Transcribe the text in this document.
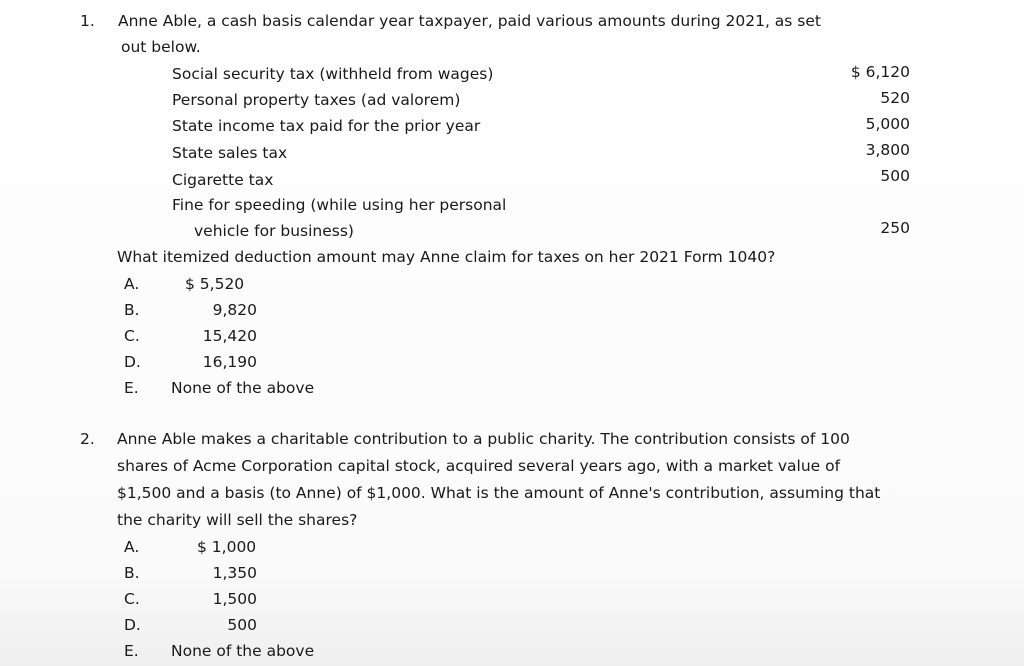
1. Anne Able, a cash basis calendar year taxpayer, paid various amounts during 2021, as set
out below.
Social security tax (withheld from wages)	$ 6,120
Personal property taxes (ad valorem)	520
State income tax paid for the prior year	5,000
State sales tax	3,800
Cigarette tax	500
Fine for speeding (while using her personal
vehicle for business)	250
What itemized deduction amount may Anne claim for taxes on her 2021 Form 1040?
A.	$ 5,520
B.	9,820
C.	15,420
D.	16,190
E. None of the above
2. Anne Able makes a charitable contribution to a public charity. The contribution consists of 100
shares of Acme Corporation capital stock, acquired several years ago, with a market value of
$1,500 and a basis (to Anne) of $1,000. What is the amount of Anne's contribution, assuming that
the charity will sell the shares?
A.	$ 1,000
B.	1,350
C.	1,500
D.	500
E. None of the above
